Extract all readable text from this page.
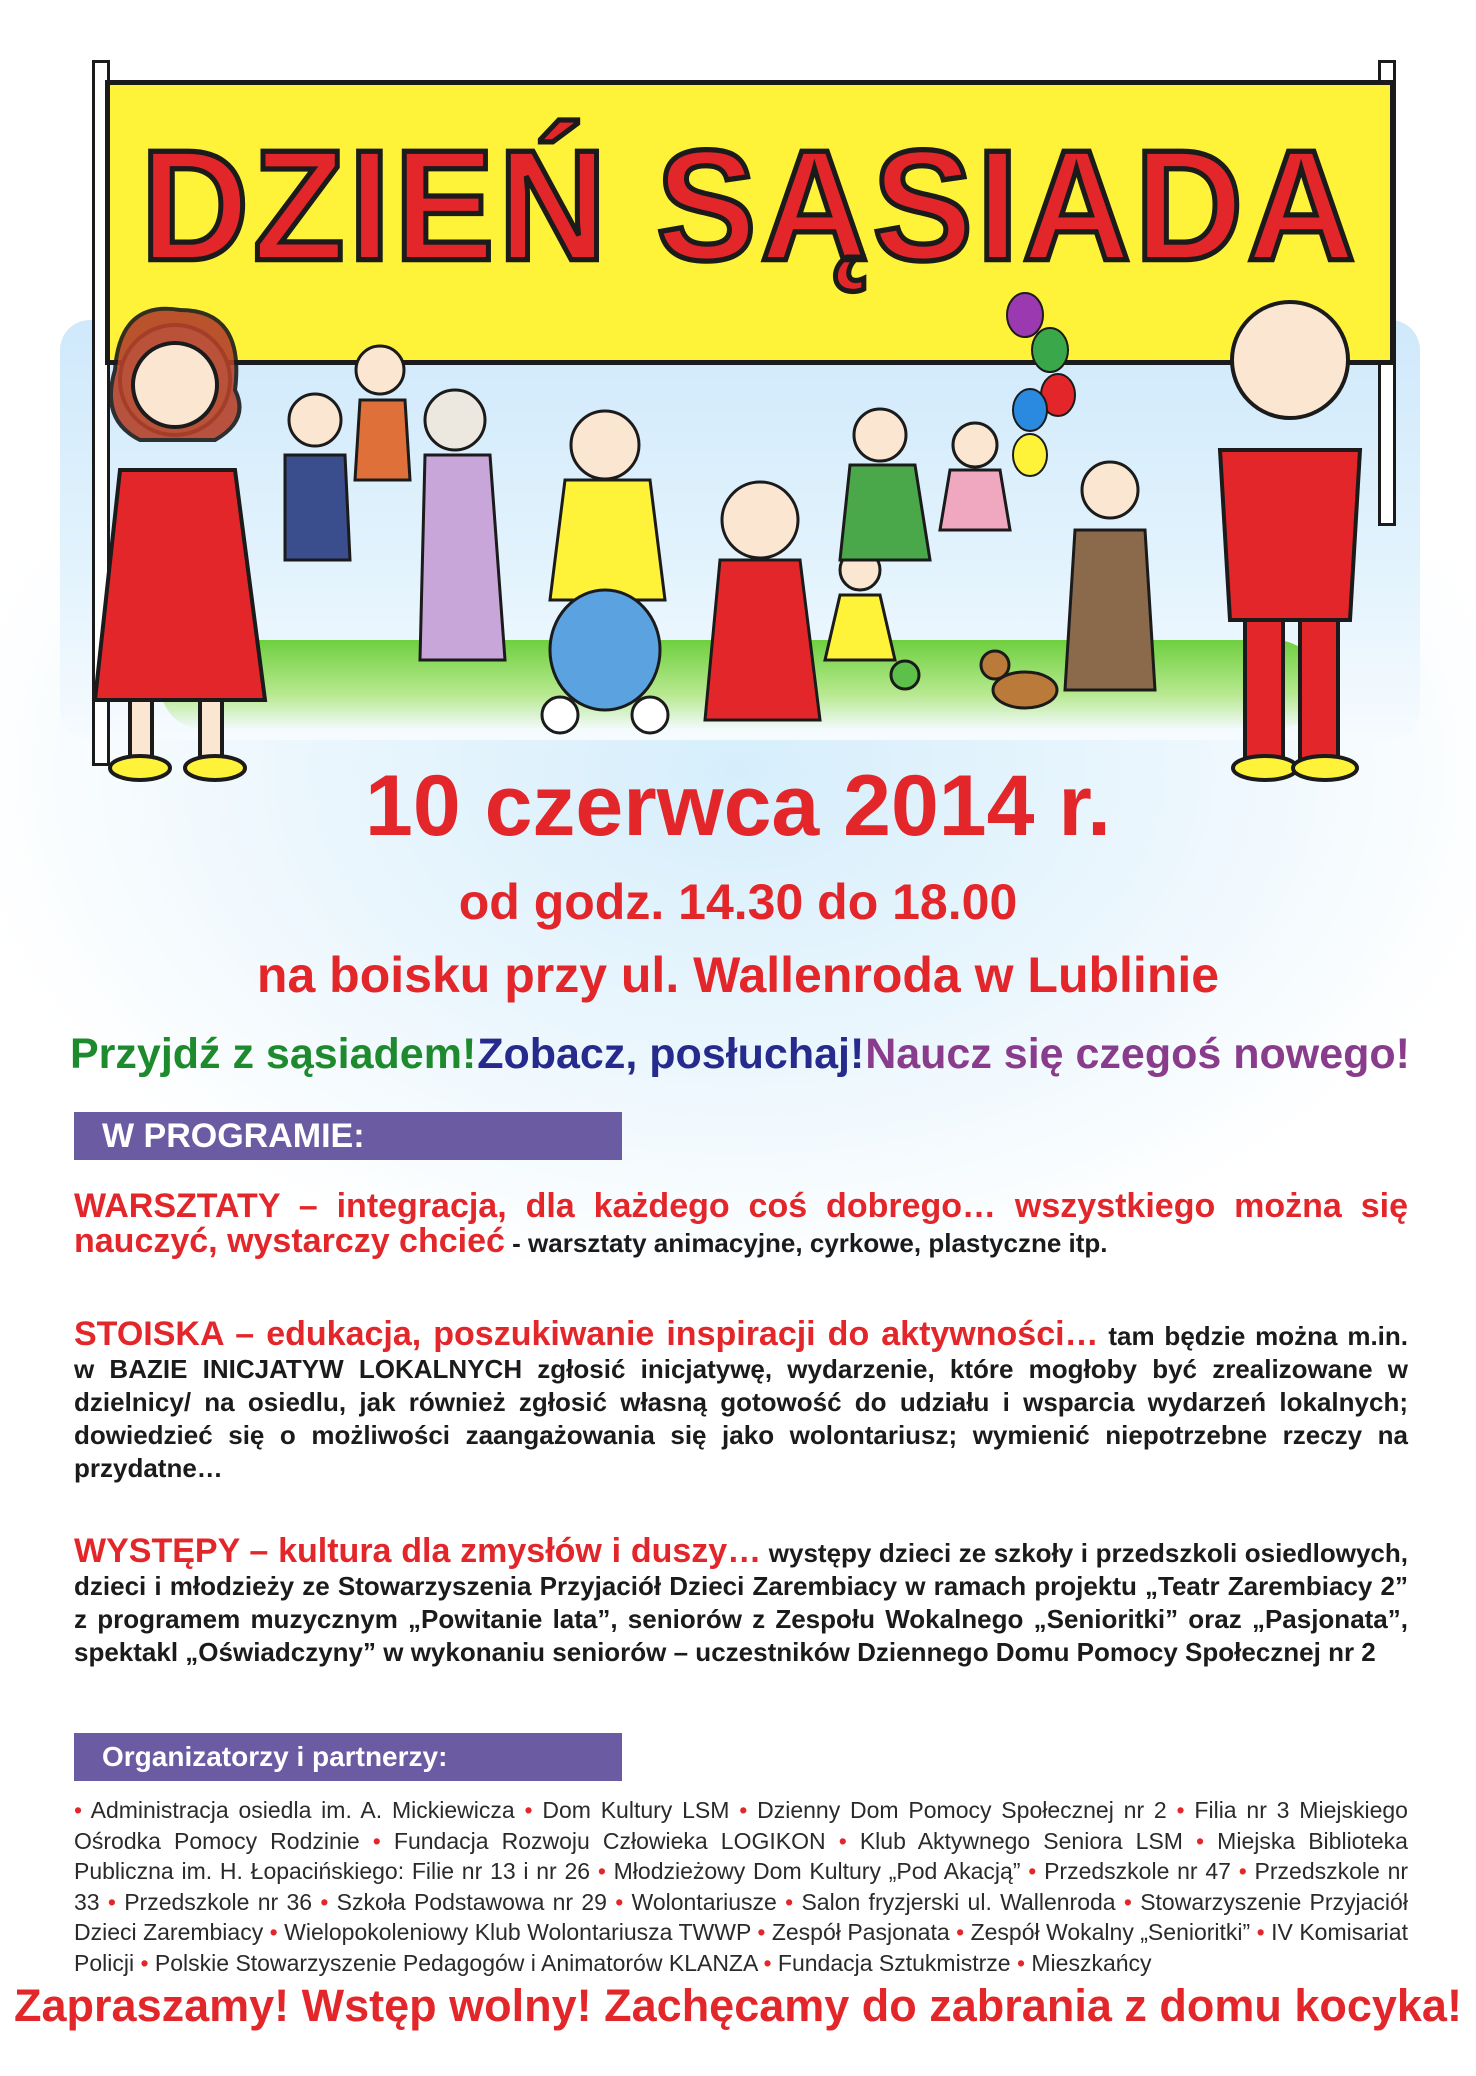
DZIEŃ SĄSIADA
10 czerwca 2014 r.
od godz. 14.30 do 18.00
na boisku przy ul. Wallenroda w Lublinie
Przyjdź z sąsiadem! Zobacz, posłuchaj! Naucz się czegoś nowego!
W PROGRAMIE:
WARSZTATY – integracja, dla każdego coś dobrego… wszystkiego można się nauczyć, wystarczy chcieć - warsztaty animacyjne, cyrkowe, plastyczne itp.
STOISKA – edukacja, poszukiwanie inspiracji do aktywności… tam będzie można m.in. w BAZIE INICJATYW LOKALNYCH zgłosić inicjatywę, wydarzenie, które mogłoby być zrealizowane w dzielnicy/ na osiedlu, jak również zgłosić własną gotowość do udziału i wsparcia wydarzeń lokalnych; dowiedzieć się o możliwości zaangażowania się jako wolontariusz; wymienić niepotrzebne rzeczy na przydatne…
WYSTĘPY – kultura dla zmysłów i duszy… występy dzieci ze szkoły i przedszkoli osiedlowych, dzieci i młodzieży ze Stowarzyszenia Przyjaciół Dzieci Zarembiacy w ramach projektu „Teatr Zarembiacy 2” z programem muzycznym „Powitanie lata”, seniorów z Zespołu Wokalnego „Senioritki” oraz „Pasjonata”, spektakl „Oświadczyny” w wykonaniu seniorów – uczestników Dziennego Domu Pomocy Społecznej nr 2
Organizatorzy i partnerzy:
• Administracja osiedla im. A. Mickiewicza • Dom Kultury LSM • Dzienny Dom Pomocy Społecznej nr 2 • Filia nr 3 Miejskiego Ośrodka Pomocy Rodzinie • Fundacja Rozwoju Człowieka LOGIKON • Klub Aktywnego Seniora LSM • Miejska Biblioteka Publiczna im. H. Łopacińskiego: Filie nr 13 i nr 26 • Młodzieżowy Dom Kultury „Pod Akacją” • Przedszkole nr 47 • Przedszkole nr 33 • Przedszkole nr 36 • Szkoła Podstawowa nr 29 • Wolontariusze • Salon fryzjerski ul. Wallenroda • Stowarzyszenie Przyjaciół Dzieci Zarembiacy • Wielopokoleniowy Klub Wolontariusza TWWP • Zespół Pasjonata • Zespół Wokalny „Senioritki” • IV Komisariat Policji • Polskie Stowarzyszenie Pedagogów i Animatorów KLANZA • Fundacja Sztukmistrze • Mieszkańcy
Zapraszamy! Wstęp wolny! Zachęcamy do zabrania z domu kocyka!
